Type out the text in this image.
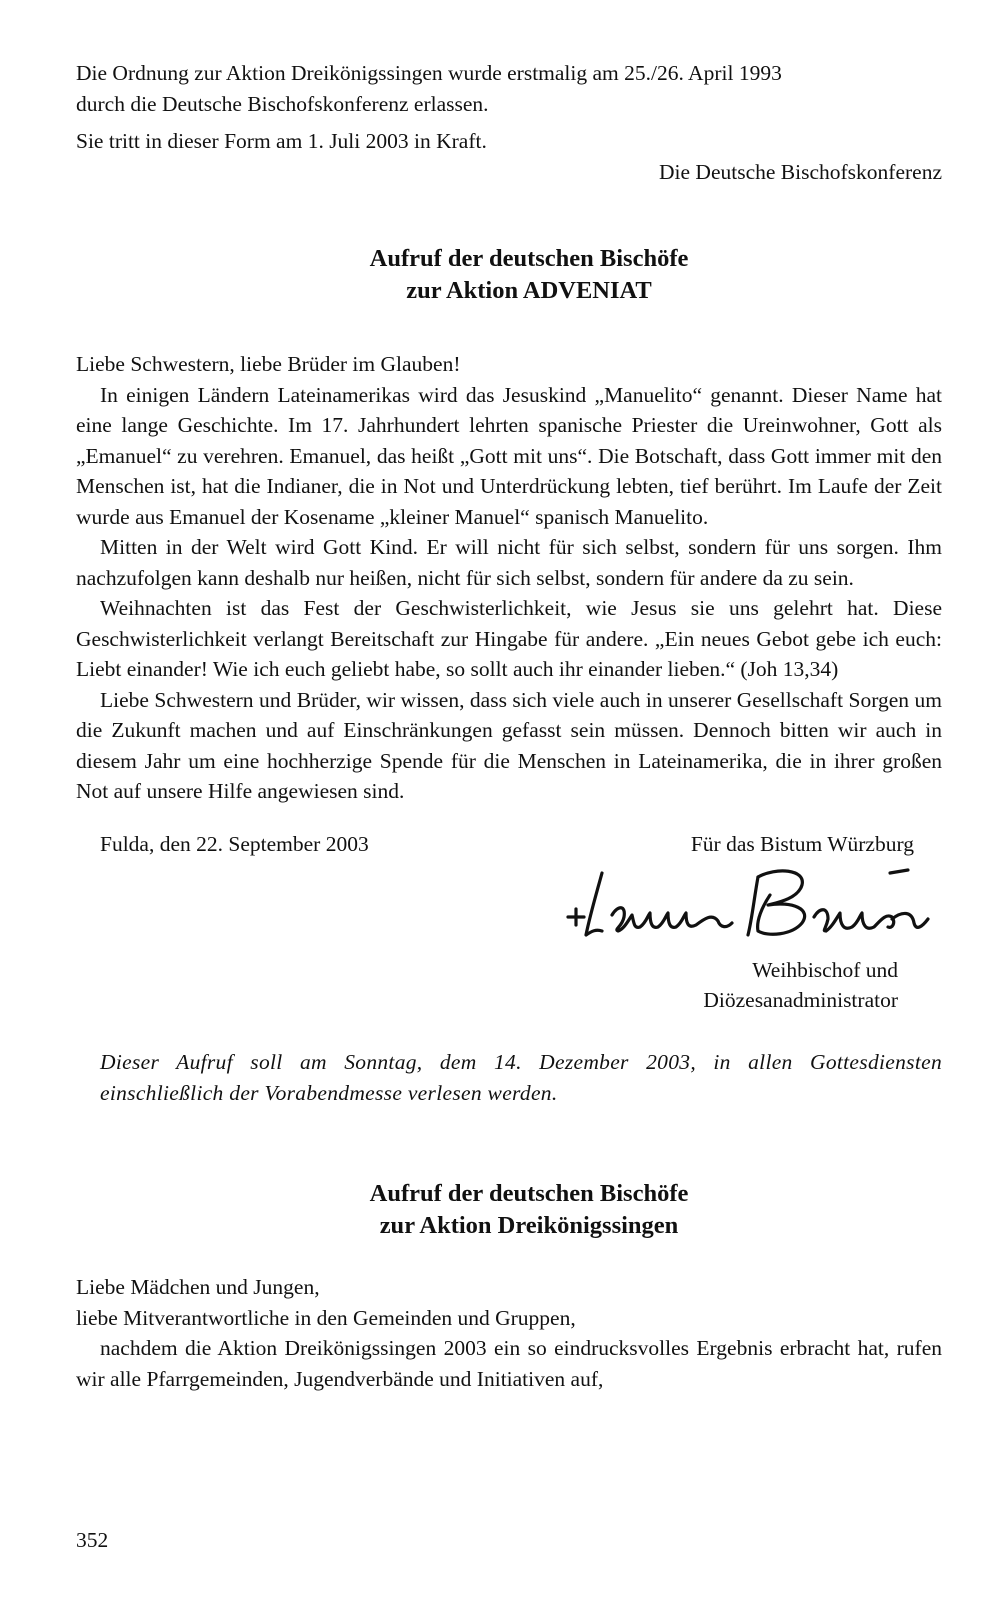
Die Ordnung zur Aktion Dreikönigssingen wurde erstmalig am 25./26. April 1993

durch die Deutsche Bischofskonferenz erlassen.

Sie tritt in dieser Form am 1. Juli 2003 in Kraft.

Die Deutsche Bischofskonferenz

Aufruf der deutschen Bischöfe
zur Aktion ADVENIAT

Liebe Schwestern, liebe Brüder im Glauben!

In einigen Ländern Lateinamerikas wird das Jesuskind „Manuelito“ genannt. Dieser Name hat eine lange Geschichte. Im 17. Jahrhundert lehrten spanische Priester die Ureinwohner, Gott als „Emanuel“ zu verehren. Emanuel, das heißt „Gott mit uns“. Die Botschaft, dass Gott immer mit den Menschen ist, hat die Indianer, die in Not und Unterdrückung lebten, tief berührt. Im Laufe der Zeit wurde aus Emanuel der Kosename „kleiner Manuel“ spanisch Manuelito.

Mitten in der Welt wird Gott Kind. Er will nicht für sich selbst, sondern für uns sorgen. Ihm nachzufolgen kann deshalb nur heißen, nicht für sich selbst, sondern für andere da zu sein.

Weihnachten ist das Fest der Geschwisterlichkeit, wie Jesus sie uns gelehrt hat. Diese Geschwisterlichkeit verlangt Bereitschaft zur Hingabe für andere. „Ein neues Gebot gebe ich euch: Liebt einander! Wie ich euch geliebt habe, so sollt auch ihr einander lieben.“ (Joh 13,34)

Liebe Schwestern und Brüder, wir wissen, dass sich viele auch in unserer Gesellschaft Sorgen um die Zukunft machen und auf Einschränkungen gefasst sein müssen. Dennoch bitten wir auch in diesem Jahr um eine hochherzige Spende für die Menschen in Lateinamerika, die in ihrer großen Not auf unsere Hilfe angewiesen sind.

Fulda, den 22. September 2003	Für das Bistum Würzburg
Weihbischof und
Diözesanadministrator

Dieser Aufruf soll am Sonntag, dem 14. Dezember 2003, in allen Gottesdiensten einschließlich der Vorabendmesse verlesen werden.

Aufruf der deutschen Bischöfe
zur Aktion Dreikönigssingen

Liebe Mädchen und Jungen,

liebe Mitverantwortliche in den Gemeinden und Gruppen,

nachdem die Aktion Dreikönigssingen 2003 ein so eindrucksvolles Ergebnis erbracht hat, rufen wir alle Pfarrgemeinden, Jugendverbände und Initiativen auf,

352
